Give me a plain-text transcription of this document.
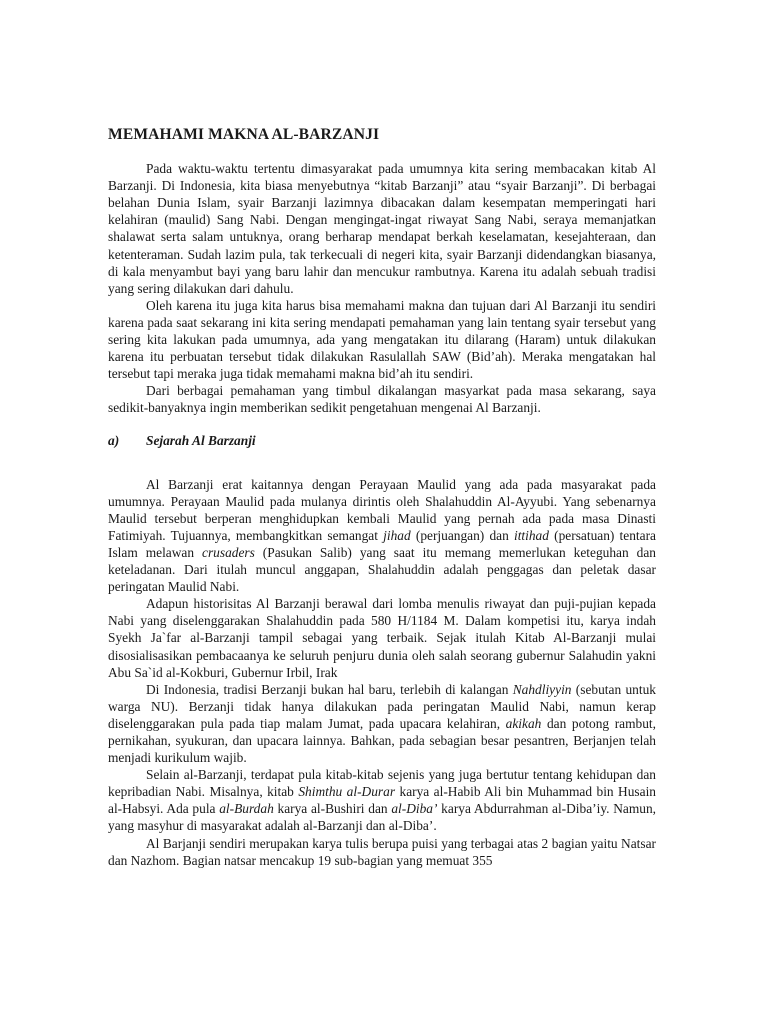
MEMAHAMI MAKNA AL-BARZANJI

Pada waktu-waktu tertentu dimasyarakat pada umumnya kita sering membacakan kitab Al Barzanji. Di Indonesia, kita biasa menyebutnya “kitab Barzanji” atau “syair Barzanji”. Di berbagai belahan Dunia Islam, syair Barzanji lazimnya dibacakan dalam kesempatan memperingati hari kelahiran (maulid) Sang Nabi. Dengan mengingat-ingat riwayat Sang Nabi, seraya memanjatkan shalawat serta salam untuknya, orang berharap mendapat berkah keselamatan, kesejahteraan, dan ketenteraman. Sudah lazim pula, tak terkecuali di negeri kita, syair Barzanji didendangkan biasanya, di kala menyambut bayi yang baru lahir dan mencukur rambutnya. Karena itu adalah sebuah tradisi yang sering dilakukan dari dahulu.

Oleh karena itu juga kita harus bisa memahami makna dan tujuan dari Al Barzanji itu sendiri karena pada saat sekarang ini kita sering mendapati pemahaman yang lain tentang syair tersebut yang sering kita lakukan pada umumnya, ada yang mengatakan itu dilarang (Haram) untuk dilakukan karena itu perbuatan tersebut tidak dilakukan Rasulallah SAW (Bid’ah). Meraka mengatakan hal tersebut tapi meraka juga tidak memahami makna bid’ah itu sendiri.

Dari berbagai pemahaman yang timbul dikalangan masyarkat pada masa sekarang, saya sedikit-banyaknya ingin memberikan sedikit pengetahuan mengenai Al Barzanji.

a)	Sejarah Al Barzanji

Al Barzanji erat kaitannya dengan Perayaan Maulid yang ada pada masyarakat pada umumnya. Perayaan Maulid pada mulanya dirintis oleh Shalahuddin Al-Ayyubi. Yang sebenarnya Maulid tersebut berperan menghidupkan kembali Maulid yang pernah ada pada masa Dinasti Fatimiyah. Tujuannya, membangkitkan semangat jihad (perjuangan) dan ittihad (persatuan) tentara Islam melawan crusaders (Pasukan Salib) yang saat itu memang memerlukan keteguhan dan keteladanan. Dari itulah muncul anggapan, Shalahuddin adalah penggagas dan peletak dasar peringatan Maulid Nabi.

Adapun historisitas Al Barzanji berawal dari lomba menulis riwayat dan puji-pujian kepada Nabi yang diselenggarakan Shalahuddin pada 580 H/1184 M. Dalam kompetisi itu, karya indah Syekh Ja`far al-Barzanji tampil sebagai yang terbaik. Sejak itulah Kitab Al-Barzanji mulai disosialisasikan pembacaanya ke seluruh penjuru dunia oleh salah seorang gubernur Salahudin yakni Abu Sa`id al-Kokburi, Gubernur Irbil, Irak

Di Indonesia, tradisi Berzanji bukan hal baru, terlebih di kalangan Nahdliyyin (sebutan untuk warga NU). Berzanji tidak hanya dilakukan pada peringatan Maulid Nabi, namun kerap diselenggarakan pula pada tiap malam Jumat, pada upacara kelahiran, akikah dan potong rambut, pernikahan, syukuran, dan upacara lainnya. Bahkan, pada sebagian besar pesantren, Berjanjen telah menjadi kurikulum wajib.

Selain al-Barzanji, terdapat pula kitab-kitab sejenis yang juga bertutur tentang kehidupan dan kepribadian Nabi. Misalnya, kitab Shimthu al-Durar karya al-Habib Ali bin Muhammad bin Husain al-Habsyi. Ada pula al-Burdah karya al-Bushiri dan al-Diba’ karya Abdurrahman al-Diba’iy. Namun, yang masyhur di masyarakat adalah al-Barzanji dan al-Diba’.

Al Barjanji sendiri merupakan karya tulis berupa puisi yang terbagai atas 2 bagian yaitu Natsar dan Nazhom. Bagian natsar mencakup 19 sub-bagian yang memuat 355
